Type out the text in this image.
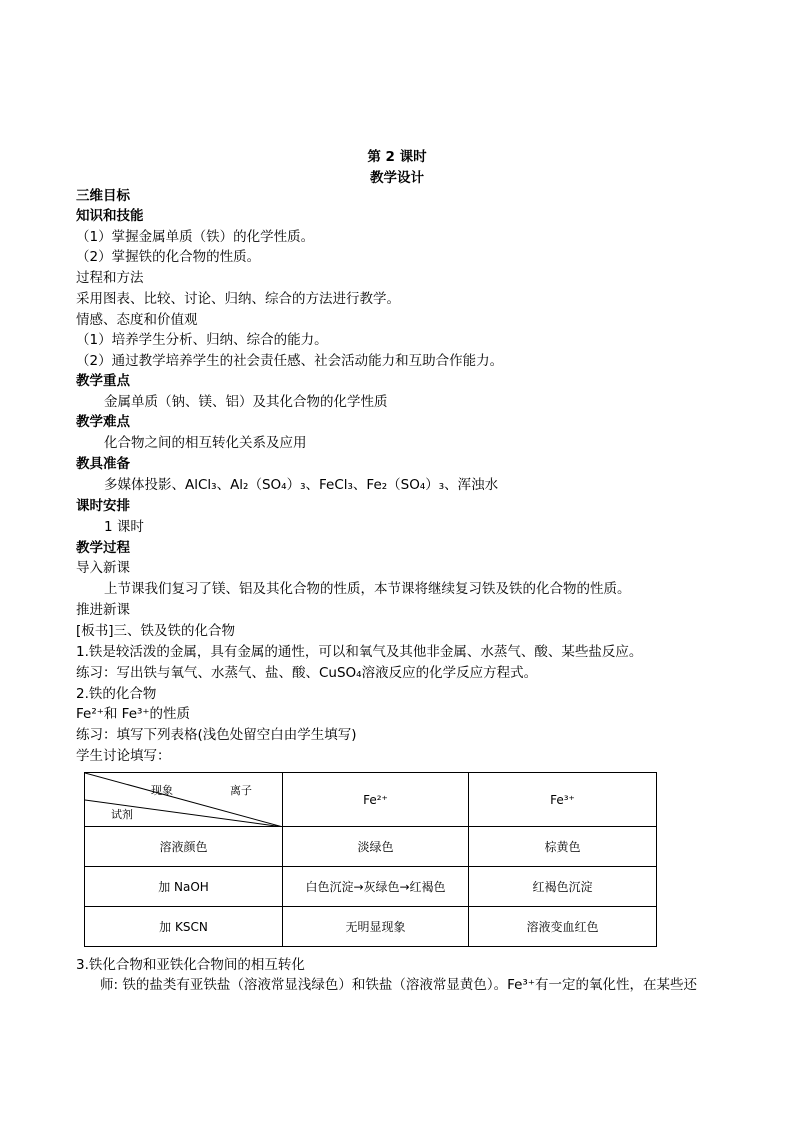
第 2 课时
教学设计
三维目标
知识和技能
（1）掌握金属单质（铁）的化学性质。
（2）掌握铁的化合物的性质。
过程和方法
采用图表、比较、讨论、归纳、综合的方法进行教学。
情感、态度和价值观
（1）培养学生分析、归纳、综合的能力。
（2）通过教学培养学生的社会责任感、社会活动能力和互助合作能力。
教学重点
金属单质（钠、镁、铝）及其化合物的化学性质
教学难点
化合物之间的相互转化关系及应用
教具准备
多媒体投影、AlCl₃、Al₂（SO₄）₃、FeCl₃、Fe₂（SO₄）₃、浑浊水
课时安排
1 课时
教学过程
导入新课
上节课我们复习了镁、铝及其化合物的性质，本节课将继续复习铁及铁的化合物的性质。
推进新课
[板书]三、铁及铁的化合物
1.铁是较活泼的金属，具有金属的通性，可以和氧气及其他非金属、水蒸气、酸、某些盐反应。
练习：写出铁与氧气、水蒸气、盐、酸、CuSO₄溶液反应的化学反应方程式。
2.铁的化合物
Fe²⁺和 Fe³⁺的性质
练习：填写下列表格(浅色处留空白由学生填写)
学生讨论填写：
现象 离子
试剂	Fe²⁺	Fe³⁺
溶液颜色	淡绿色	棕黄色
加 NaOH	白色沉淀→灰绿色→红褐色	红褐色沉淀
加 KSCN	无明显现象	溶液变血红色
3.铁化合物和亚铁化合物间的相互转化
师: 铁的盐类有亚铁盐（溶液常显浅绿色）和铁盐（溶液常显黄色）。Fe³⁺有一定的氧化性，在某些还
